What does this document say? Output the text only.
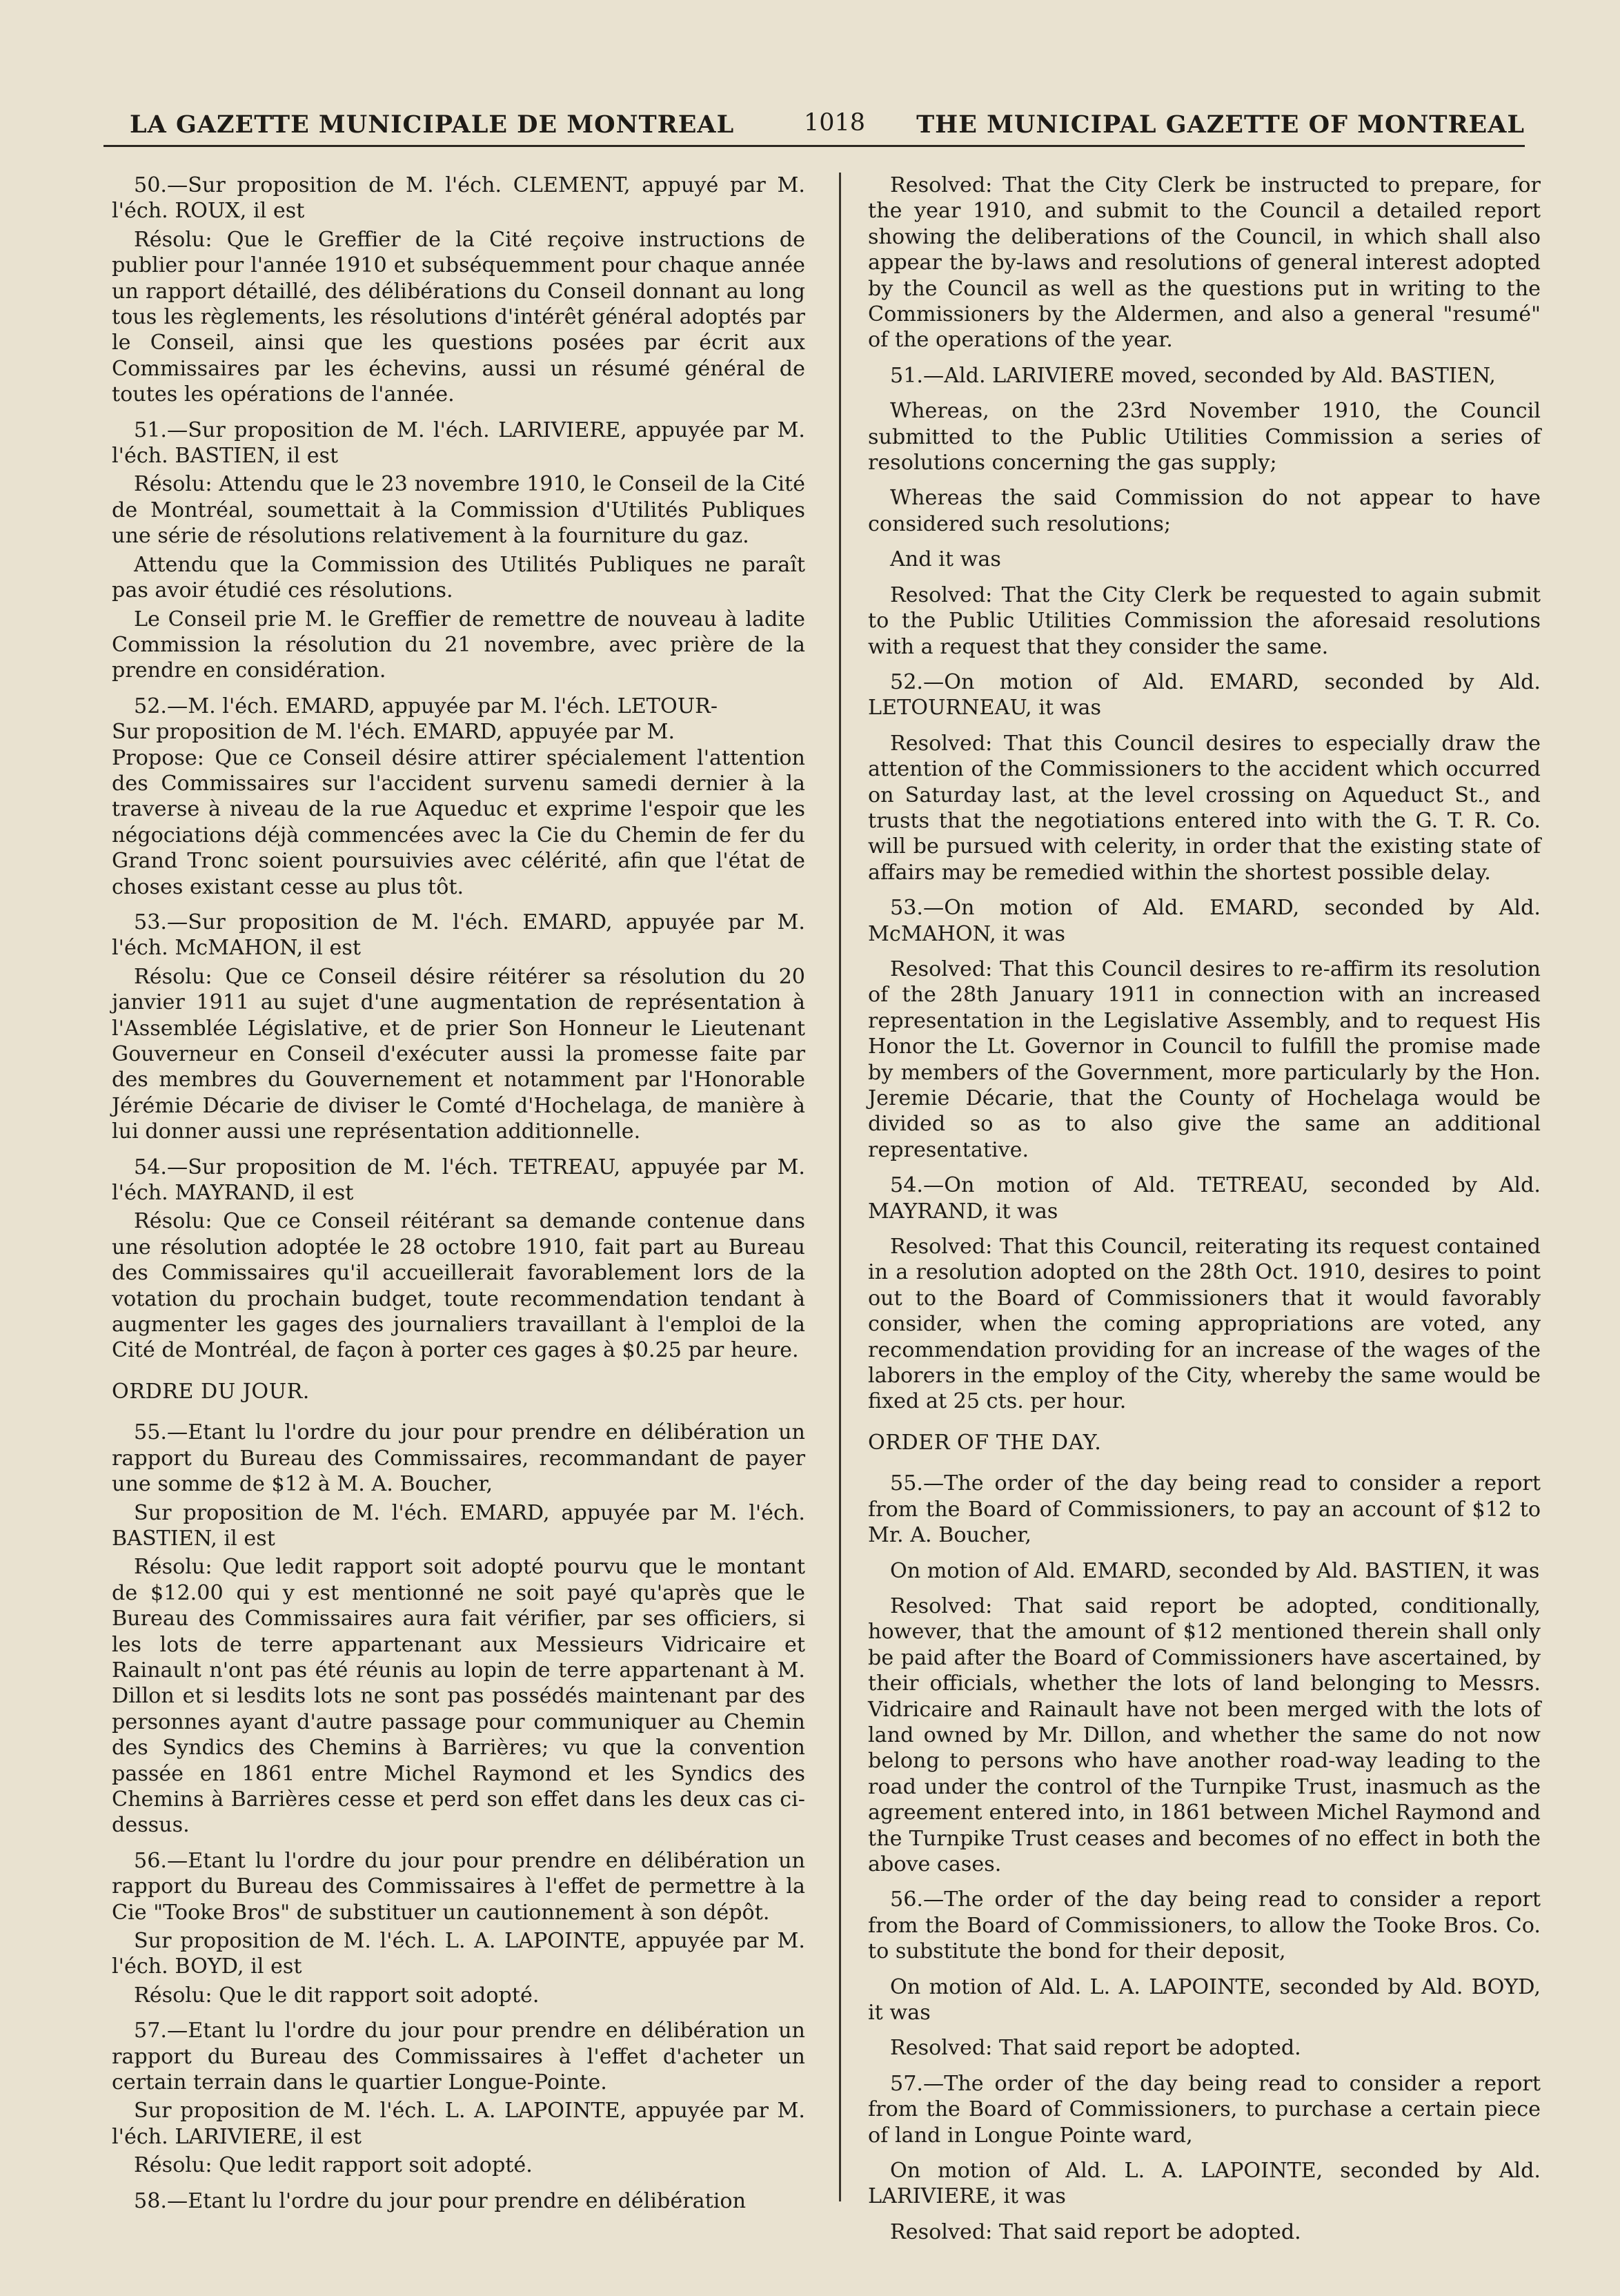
LA GAZETTE MUNICIPALE DE MONTREAL	1018 THE MUNICIPAL GAZETTE OF MONTREAL

50.—Sur proposition de M. l'éch. CLEMENT, appuyé par M. l'éch. ROUX, il est

Résolu: Que le Greffier de la Cité reçoive instructions de publier pour l'année 1910 et subséquemment pour chaque année un rapport détaillé, des délibérations du Conseil donnant au long tous les règlements, les résolutions d'intérêt général adoptés par le Conseil, ainsi que les questions posées par écrit aux Commissaires par les échevins, aussi un résumé général de toutes les opérations de l'année.

51.—Sur proposition de M. l'éch. LARIVIERE, appuyée par M. l'éch. BASTIEN, il est

Résolu: Attendu que le 23 novembre 1910, le Conseil de la Cité de Montréal, soumettait à la Commission d'Utilités Publiques une série de résolutions relativement à la fourniture du gaz.

Attendu que la Commission des Utilités Publiques ne paraît pas avoir étudié ces résolutions.

Le Conseil prie M. le Greffier de remettre de nouveau à ladite Commission la résolution du 21 novembre, avec prière de la prendre en considération.

52.—M. l'éch. EMARD, appuyée par M. l'éch. LETOUR-

Sur proposition de M. l'éch. EMARD, appuyée par M.

Propose: Que ce Conseil désire attirer spécialement l'attention des Commissaires sur l'accident survenu samedi dernier à la traverse à niveau de la rue Aqueduc et exprime l'espoir que les négociations déjà commencées avec la Cie du Chemin de fer du Grand Tronc soient poursuivies avec célérité, afin que l'état de choses existant cesse au plus tôt.

53.—Sur proposition de M. l'éch. EMARD, appuyée par M. l'éch. McMAHON, il est

Résolu: Que ce Conseil désire réitérer sa résolution du 20 janvier 1911 au sujet d'une augmentation de représentation à l'Assemblée Législative, et de prier Son Honneur le Lieutenant Gouverneur en Conseil d'exécuter aussi la promesse faite par des membres du Gouvernement et notamment par l'Honorable Jérémie Décarie de diviser le Comté d'Hochelaga, de manière à lui donner aussi une représentation additionnelle.

54.—Sur proposition de M. l'éch. TETREAU, appuyée par M. l'éch. MAYRAND, il est

Résolu: Que ce Conseil réitérant sa demande contenue dans une résolution adoptée le 28 octobre 1910, fait part au Bureau des Commissaires qu'il accueillerait favorablement lors de la votation du prochain budget, toute recommendation tendant à augmenter les gages des journaliers travaillant à l'emploi de la Cité de Montréal, de façon à porter ces gages à $0.25 par heure.

ORDRE DU JOUR.

55.—Etant lu l'ordre du jour pour prendre en délibération un rapport du Bureau des Commissaires, recommandant de payer une somme de $12 à M. A. Boucher,

Sur proposition de M. l'éch. EMARD, appuyée par M. l'éch. BASTIEN, il est

Résolu: Que ledit rapport soit adopté pourvu que le montant de $12.00 qui y est mentionné ne soit payé qu'après que le Bureau des Commissaires aura fait vérifier, par ses officiers, si les lots de terre appartenant aux Messieurs Vidricaire et Rainault n'ont pas été réunis au lopin de terre appartenant à M. Dillon et si lesdits lots ne sont pas possédés maintenant par des personnes ayant d'autre passage pour communiquer au Chemin des Syndics des Chemins à Barrières; vu que la convention passée en 1861 entre Michel Raymond et les Syndics des Chemins à Barrières cesse et perd son effet dans les deux cas ci-dessus.

56.—Etant lu l'ordre du jour pour prendre en délibération un rapport du Bureau des Commissaires à l'effet de permettre à la Cie "Tooke Bros" de substituer un cautionnement à son dépôt.

Sur proposition de M. l'éch. L. A. LAPOINTE, appuyée par M. l'éch. BOYD, il est

Résolu: Que le dit rapport soit adopté.

57.—Etant lu l'ordre du jour pour prendre en délibération un rapport du Bureau des Commissaires à l'effet d'acheter un certain terrain dans le quartier Longue-Pointe.

Sur proposition de M. l'éch. L. A. LAPOINTE, appuyée par M. l'éch. LARIVIERE, il est

Résolu: Que ledit rapport soit adopté.

58.—Etant lu l'ordre du jour pour prendre en délibération

Resolved: That the City Clerk be instructed to prepare, for the year 1910, and submit to the Council a detailed report showing the deliberations of the Council, in which shall also appear the by-laws and resolutions of general interest adopted by the Council as well as the questions put in writing to the Commissioners by the Aldermen, and also a general "resumé" of the operations of the year.

51.—Ald. LARIVIERE moved, seconded by Ald. BASTIEN,

Whereas, on the 23rd November 1910, the Council submitted to the Public Utilities Commission a series of resolutions concerning the gas supply;

Whereas the said Commission do not appear to have considered such resolutions;

And it was

Resolved: That the City Clerk be requested to again submit to the Public Utilities Commission the aforesaid resolutions with a request that they consider the same.

52.—On motion of Ald. EMARD, seconded by Ald. LETOURNEAU, it was

Resolved: That this Council desires to especially draw the attention of the Commissioners to the accident which occurred on Saturday last, at the level crossing on Aqueduct St., and trusts that the negotiations entered into with the G. T. R. Co. will be pursued with celerity, in order that the existing state of affairs may be remedied within the shortest possible delay.

53.—On motion of Ald. EMARD, seconded by Ald. McMAHON, it was

Resolved: That this Council desires to re-affirm its resolution of the 28th January 1911 in connection with an increased representation in the Legislative Assembly, and to request His Honor the Lt. Governor in Council to fulfill the promise made by members of the Government, more particularly by the Hon. Jeremie Décarie, that the County of Hochelaga would be divided so as to also give the same an additional representative.

54.—On motion of Ald. TETREAU, seconded by Ald. MAYRAND, it was

Resolved: That this Council, reiterating its request contained in a resolution adopted on the 28th Oct. 1910, desires to point out to the Board of Commissioners that it would favorably consider, when the coming appropriations are voted, any recommendation providing for an increase of the wages of the laborers in the employ of the City, whereby the same would be fixed at 25 cts. per hour.

ORDER OF THE DAY.

55.—The order of the day being read to consider a report from the Board of Commissioners, to pay an account of $12 to Mr. A. Boucher,

On motion of Ald. EMARD, seconded by Ald. BASTIEN, it was

Resolved: That said report be adopted, conditionally, however, that the amount of $12 mentioned therein shall only be paid after the Board of Commissioners have ascertained, by their officials, whether the lots of land belonging to Messrs. Vidricaire and Rainault have not been merged with the lots of land owned by Mr. Dillon, and whether the same do not now belong to persons who have another road-way leading to the road under the control of the Turnpike Trust, inasmuch as the agreement entered into, in 1861 between Michel Raymond and the Turnpike Trust ceases and becomes of no effect in both the above cases.

56.—The order of the day being read to consider a report from the Board of Commissioners, to allow the Tooke Bros. Co. to substitute the bond for their deposit,

On motion of Ald. L. A. LAPOINTE, seconded by Ald. BOYD, it was

Resolved: That said report be adopted.

57.—The order of the day being read to consider a report from the Board of Commissioners, to purchase a certain piece of land in Longue Pointe ward,

On motion of Ald. L. A. LAPOINTE, seconded by Ald. LARIVIERE, it was

Resolved: That said report be adopted.
